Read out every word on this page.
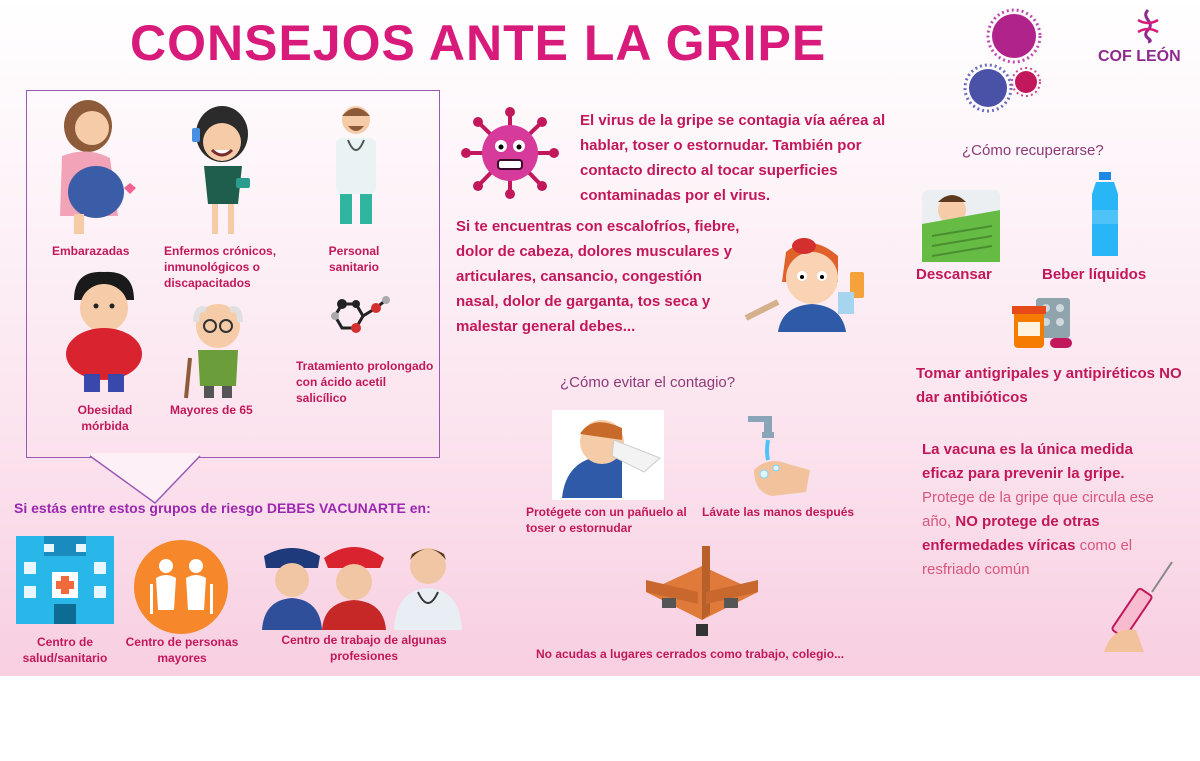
CONSEJOS ANTE LA GRIPE	COF LEÓN
Embarazadas	Enfermos crónicos, inmunológicos o discapacitados
Personal sanitario
Obesidad mórbida
Mayores de 65
Tratamiento prolongado con ácido acetil salicílico
Si estás entre estos grupos de riesgo DEBES VACUNARTE en:
Centro de salud/sanitario
Centro de personas mayores
Centro de trabajo de algunas profesiones
El virus de la gripe se contagia vía aérea al hablar, toser o estornudar. También por contacto directo al tocar superficies contaminadas por el virus.
Si te encuentras con escalofríos, fiebre, dolor de cabeza, dolores musculares y articulares, cansancio, congestión nasal, dolor de garganta, tos seca y malestar general debes...
¿Cómo evitar el contagio?
Protégete con un pañuelo al toser o estornudar
Lávate las manos después
No acudas a lugares cerrados como trabajo, colegio...
¿Cómo recuperarse?
Descansar	Beber líquidos
Tomar antigripales y antipiréticos NO dar antibióticos
La vacuna es la única medida eficaz para prevenir la gripe. Protege de la gripe que circula ese año, NO protege de otras enfermedades víricas como el resfriado común
